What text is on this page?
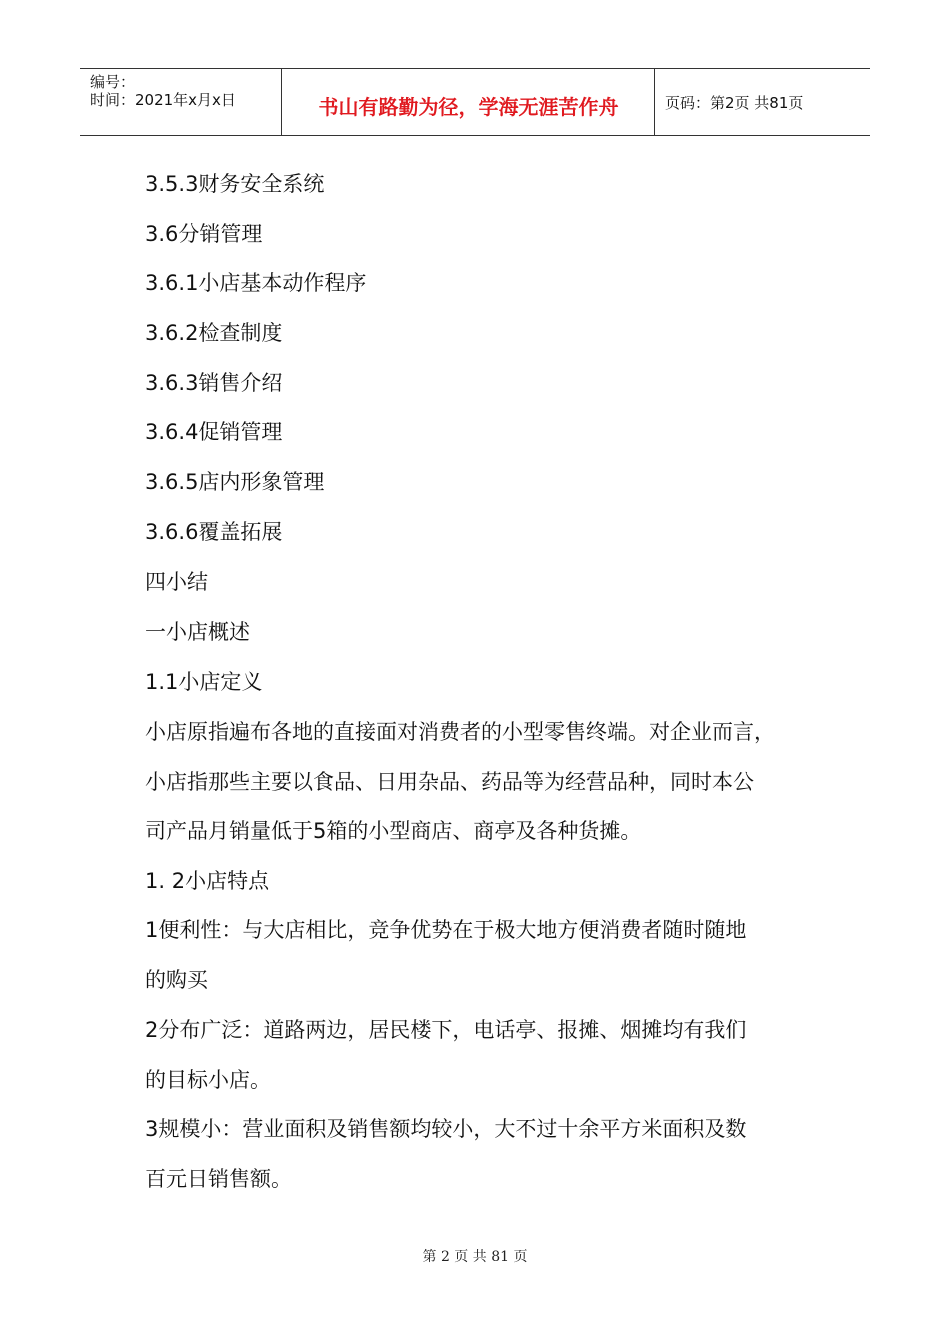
编号：
时间：2021年x月x日	书山有路勤为径，学海无涯苦作舟	页码：第2页 共81页
3.5.3财务安全系统
3.6分销管理
3.6.1小店基本动作程序
3.6.2检查制度
3.6.3销售介绍
3.6.4促销管理
3.6.5店内形象管理
3.6.6覆盖拓展
四小结
一小店概述
1.1小店定义
小店原指遍布各地的直接面对消费者的小型零售终端。对企业而言，
小店指那些主要以食品、日用杂品、药品等为经营品种，同时本公
司产品月销量低于5箱的小型商店、商亭及各种货摊。
1. 2小店特点
1便利性：与大店相比，竞争优势在于极大地方便消费者随时随地
的购买
2分布广泛：道路两边，居民楼下，电话亭、报摊、烟摊均有我们
的目标小店。
3规模小：营业面积及销售额均较小，大不过十余平方米面积及数
百元日销售额。
第 2 页 共 81 页
